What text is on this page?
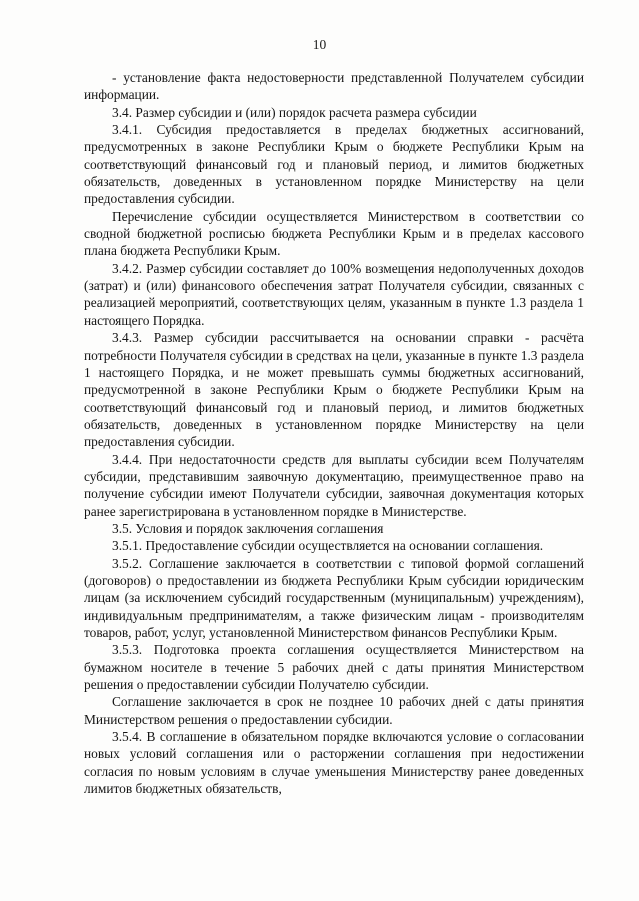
10

- установление факта недостоверности представленной Получателем субсидии информации.

3.4. Размер субсидии и (или) порядок расчета размера субсидии

3.4.1. Субсидия предоставляется в пределах бюджетных ассигнований, предусмотренных в законе Республики Крым о бюджете Республики Крым на соответствующий финансовый год и плановый период, и лимитов бюджетных обязательств, доведенных в установленном порядке Министерству на цели предоставления субсидии.

Перечисление субсидии осуществляется Министерством в соответствии со сводной бюджетной росписью бюджета Республики Крым и в пределах кассового плана бюджета Республики Крым.

3.4.2. Размер субсидии составляет до 100% возмещения недополученных доходов (затрат) и (или) финансового обеспечения затрат Получателя субсидии, связанных с реализацией мероприятий, соответствующих целям, указанным в пункте 1.3 раздела 1 настоящего Порядка.

3.4.3. Размер субсидии рассчитывается на основании справки - расчёта потребности Получателя субсидии в средствах на цели, указанные в пункте 1.3 раздела 1 настоящего Порядка, и не может превышать суммы бюджетных ассигнований, предусмотренной в законе Республики Крым о бюджете Республики Крым на соответствующий финансовый год и плановый период, и лимитов бюджетных обязательств, доведенных в установленном порядке Министерству на цели предоставления субсидии.

3.4.4. При недостаточности средств для выплаты субсидии всем Получателям субсидии, представившим заявочную документацию, преимущественное право на получение субсидии имеют Получатели субсидии, заявочная документация которых ранее зарегистрирована в установленном порядке в Министерстве.

3.5. Условия и порядок заключения соглашения

3.5.1. Предоставление субсидии осуществляется на основании соглашения.

3.5.2. Соглашение заключается в соответствии с типовой формой соглашений (договоров) о предоставлении из бюджета Республики Крым субсидии юридическим лицам (за исключением субсидий государственным (муниципальным) учреждениям), индивидуальным предпринимателям, а также физическим лицам - производителям товаров, работ, услуг, установленной Министерством финансов Республики Крым.

3.5.3. Подготовка проекта соглашения осуществляется Министерством на бумажном носителе в течение 5 рабочих дней с даты принятия Министерством решения о предоставлении субсидии Получателю субсидии.

Соглашение заключается в срок не позднее 10 рабочих дней с даты принятия Министерством решения о предоставлении субсидии.

3.5.4. В соглашение в обязательном порядке включаются условие о согласовании новых условий соглашения или о расторжении соглашения при недостижении согласия по новым условиям в случае уменьшения Министерству ранее доведенных лимитов бюджетных обязательств,
